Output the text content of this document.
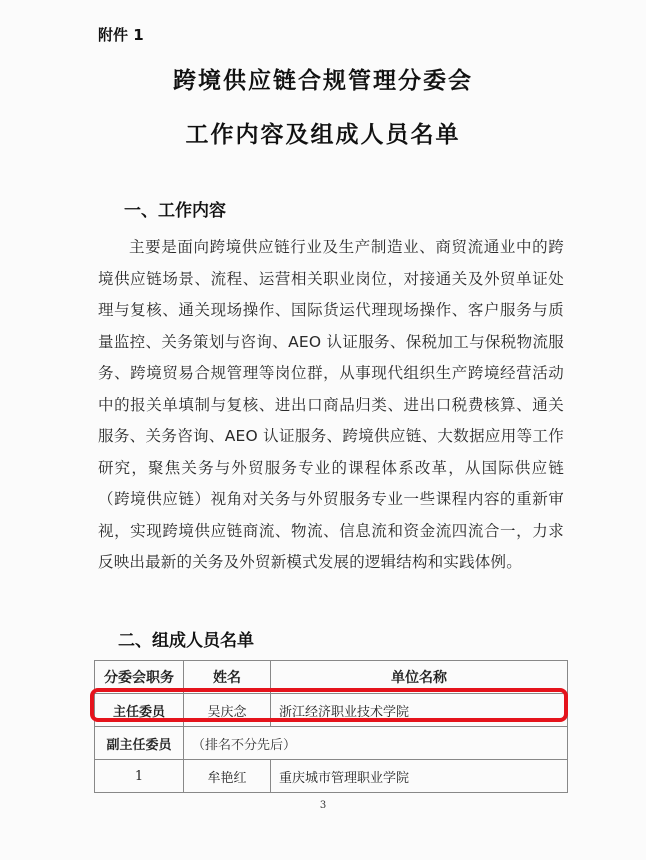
附件 1
跨境供应链合规管理分委会
工作内容及组成人员名单
一、工作内容
主要是面向跨境供应链行业及生产制造业、商贸流通业中的跨境供应链场景、流程、运营相关职业岗位，对接通关及外贸单证处理与复核、通关现场操作、国际货运代理现场操作、客户服务与质量监控、关务策划与咨询、AEO 认证服务、保税加工与保税物流服务、跨境贸易合规管理等岗位群，从事现代组织生产跨境经营活动中的报关单填制与复核、进出口商品归类、进出口税费核算、通关服务、关务咨询、AEO 认证服务、跨境供应链、大数据应用等工作研究，聚焦关务与外贸服务专业的课程体系改革，从国际供应链（跨境供应链）视角对关务与外贸服务专业一些课程内容的重新审视，实现跨境供应链商流、物流、信息流和资金流四流合一，力求反映出最新的关务及外贸新模式发展的逻辑结构和实践体例。
二、组成人员名单
分委会职务	姓名	单位名称
主任委员	吴庆念	浙江经济职业技术学院
副主任委员	（排名不分先后）	
1	牟艳红	重庆城市管理职业学院
3
